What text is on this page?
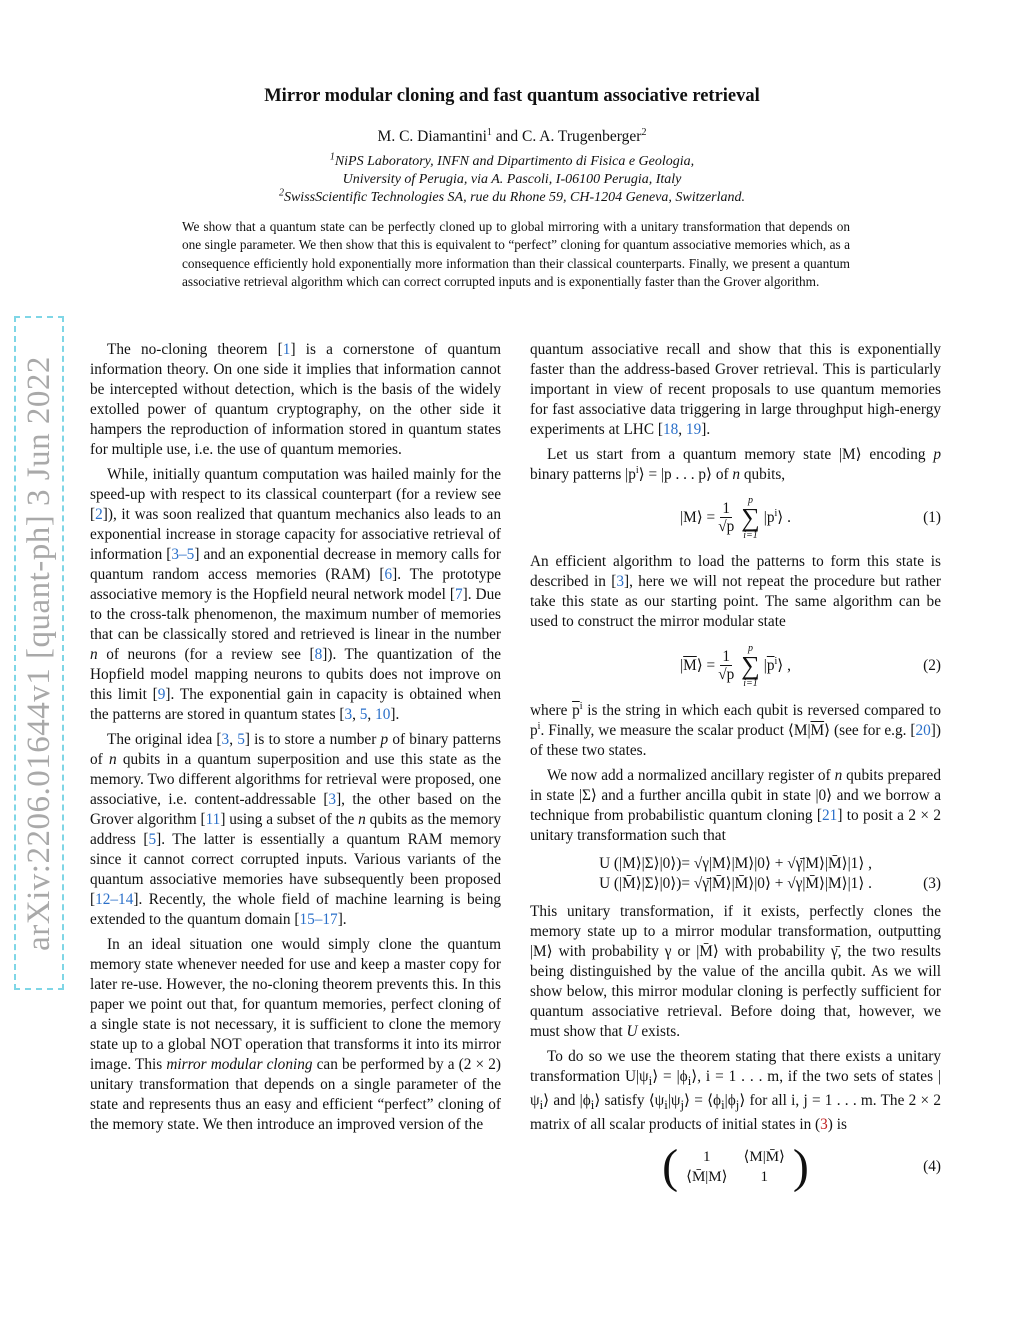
arXiv:2206.01644v1 [quant-ph] 3 Jun 2022
Mirror modular cloning and fast quantum associative retrieval
M. C. Diamantini$^1$ and C. A. Trugenberger$^2$
$^1$NiPS Laboratory, INFN and Dipartimento di Fisica e Geologia,
University of Perugia, via A. Pascoli, I-06100 Perugia, Italy
$^2$SwissScientific Technologies SA, rue du Rhone 59, CH-1204 Geneva, Switzerland.
We show that a quantum state can be perfectly cloned up to global mirroring with a unitary transformation that depends on one single parameter. We then show that this is equivalent to “perfect” cloning for quantum associative memories which, as a consequence efficiently hold exponentially more information than their classical counterparts. Finally, we present a quantum associative retrieval algorithm which can correct corrupted inputs and is exponentially faster than the Grover algorithm.

The no-cloning theorem [1] is a cornerstone of quantum information theory. On one side it implies that information cannot be intercepted without detection, which is the basis of the widely extolled power of quantum cryptography, on the other side it hampers the reproduction of information stored in quantum states for multiple use, i.e. the use of quantum memories.

While, initially quantum computation was hailed mainly for the speed-up with respect to its classical counterpart (for a review see [2]), it was soon realized that quantum mechanics also leads to an exponential increase in storage capacity for associative retrieval of information [3–5] and an exponential decrease in memory calls for quantum random access memories (RAM) [6]. The prototype associative memory is the Hopfield neural network model [7]. Due to the cross-talk phenomenon, the maximum number of memories that can be classically stored and retrieved is linear in the number n of neurons (for a review see [8]). The quantization of the Hopfield model mapping neurons to qubits does not improve on this limit [9]. The exponential gain in capacity is obtained when the patterns are stored in quantum states [3, 5, 10].

The original idea [3, 5] is to store a number p of binary patterns of n qubits in a quantum superposition and use this state as the memory. Two different algorithms for retrieval were proposed, one associative, i.e. content-addressable [3], the other based on the Grover algorithm [11] using a subset of the n qubits as the memory address [5]. The latter is essentially a quantum RAM memory since it cannot correct corrupted inputs. Various variants of the quantum associative memories have subsequently been proposed [12–14]. Recently, the whole field of machine learning is being extended to the quantum domain [15–17].

In an ideal situation one would simply clone the quantum memory state whenever needed for use and keep a master copy for later re-use. However, the no-cloning theorem prevents this. In this paper we point out that, for quantum memories, perfect cloning of a single state is not necessary, it is sufficient to clone the memory state up to a global NOT operation that transforms it into its mirror image. This mirror modular cloning can be performed by a (2 × 2) unitary transformation that depends on a single parameter of the state and represents thus an easy and efficient “perfect” cloning of the memory state. We then introduce an improved version of the

quantum associative recall and show that this is exponentially faster than the address-based Grover retrieval. This is particularly important in view of recent proposals to use quantum memories for fast associative data triggering in large throughput high-energy experiments at LHC [18, 19].

Let us start from a quantum memory state |M⟩ encoding p binary patterns $|p^i⟩ = |p$ . . . p⟩ of n qubits,

|M⟩ = $\frac{1}{√p}$ p
∑
i=1
$|p^i⟩$ .	(1)

An efficient algorithm to load the patterns to form this state is described in [3], here we will not repeat the procedure but rather take this state as our starting point. The same algorithm can be used to construct the mirror modular state

$|\overline{M}⟩ = \frac{1}{√p}$ p
∑
i=1
$|\overline{p}^i⟩$ ,	(2)

where $\overline{p}^i$ is the string in which each qubit is reversed compared to $p^i$. Finally, we measure the scalar product $⟨M|\overline{M}⟩$ (see for e.g. [20]) of these two states.

We now add a normalized ancillary register of n qubits prepared in state |Σ⟩ and a further ancilla qubit in state |0⟩ and we borrow a technique from probabilistic quantum cloning [21] to posit a 2 × 2 unitary transformation such that

U (|M⟩|Σ⟩|0⟩)= √γ|M⟩|M⟩|0⟩ + √γ̄|M⟩|M̄⟩|1⟩ ,
U (|M̄⟩|Σ⟩|0⟩)= √γ̄|M̄⟩|M̄⟩|0⟩ + √γ|M̄⟩|M⟩|1⟩ .	(3)

This unitary transformation, if it exists, perfectly clones the memory state up to a mirror modular transformation, outputting |M⟩ with probability γ or |M̄⟩ with probability γ̄, the two results being distinguished by the value of the ancilla qubit. As we will show below, this mirror modular cloning is perfectly sufficient for quantum associative retrieval. Before doing that, however, we must show that U exists.

To do so we use the theorem stating that there exists a unitary transformation $U|\psi_i⟩$ = $|\phi_i⟩$, i = 1 . . . m, if the two sets of states $|\psi_i⟩$ and $|\phi_i⟩$ satisfy $⟨\psi_i|\psi_j⟩$ = $⟨\phi_i|\phi_j⟩$ for all i, j = 1 . . . m. The 2 × 2 matrix of all scalar products of initial states in (3) is

( 1	⟨M|M̄⟩
⟨M̄|M⟩	1 )	(4)
